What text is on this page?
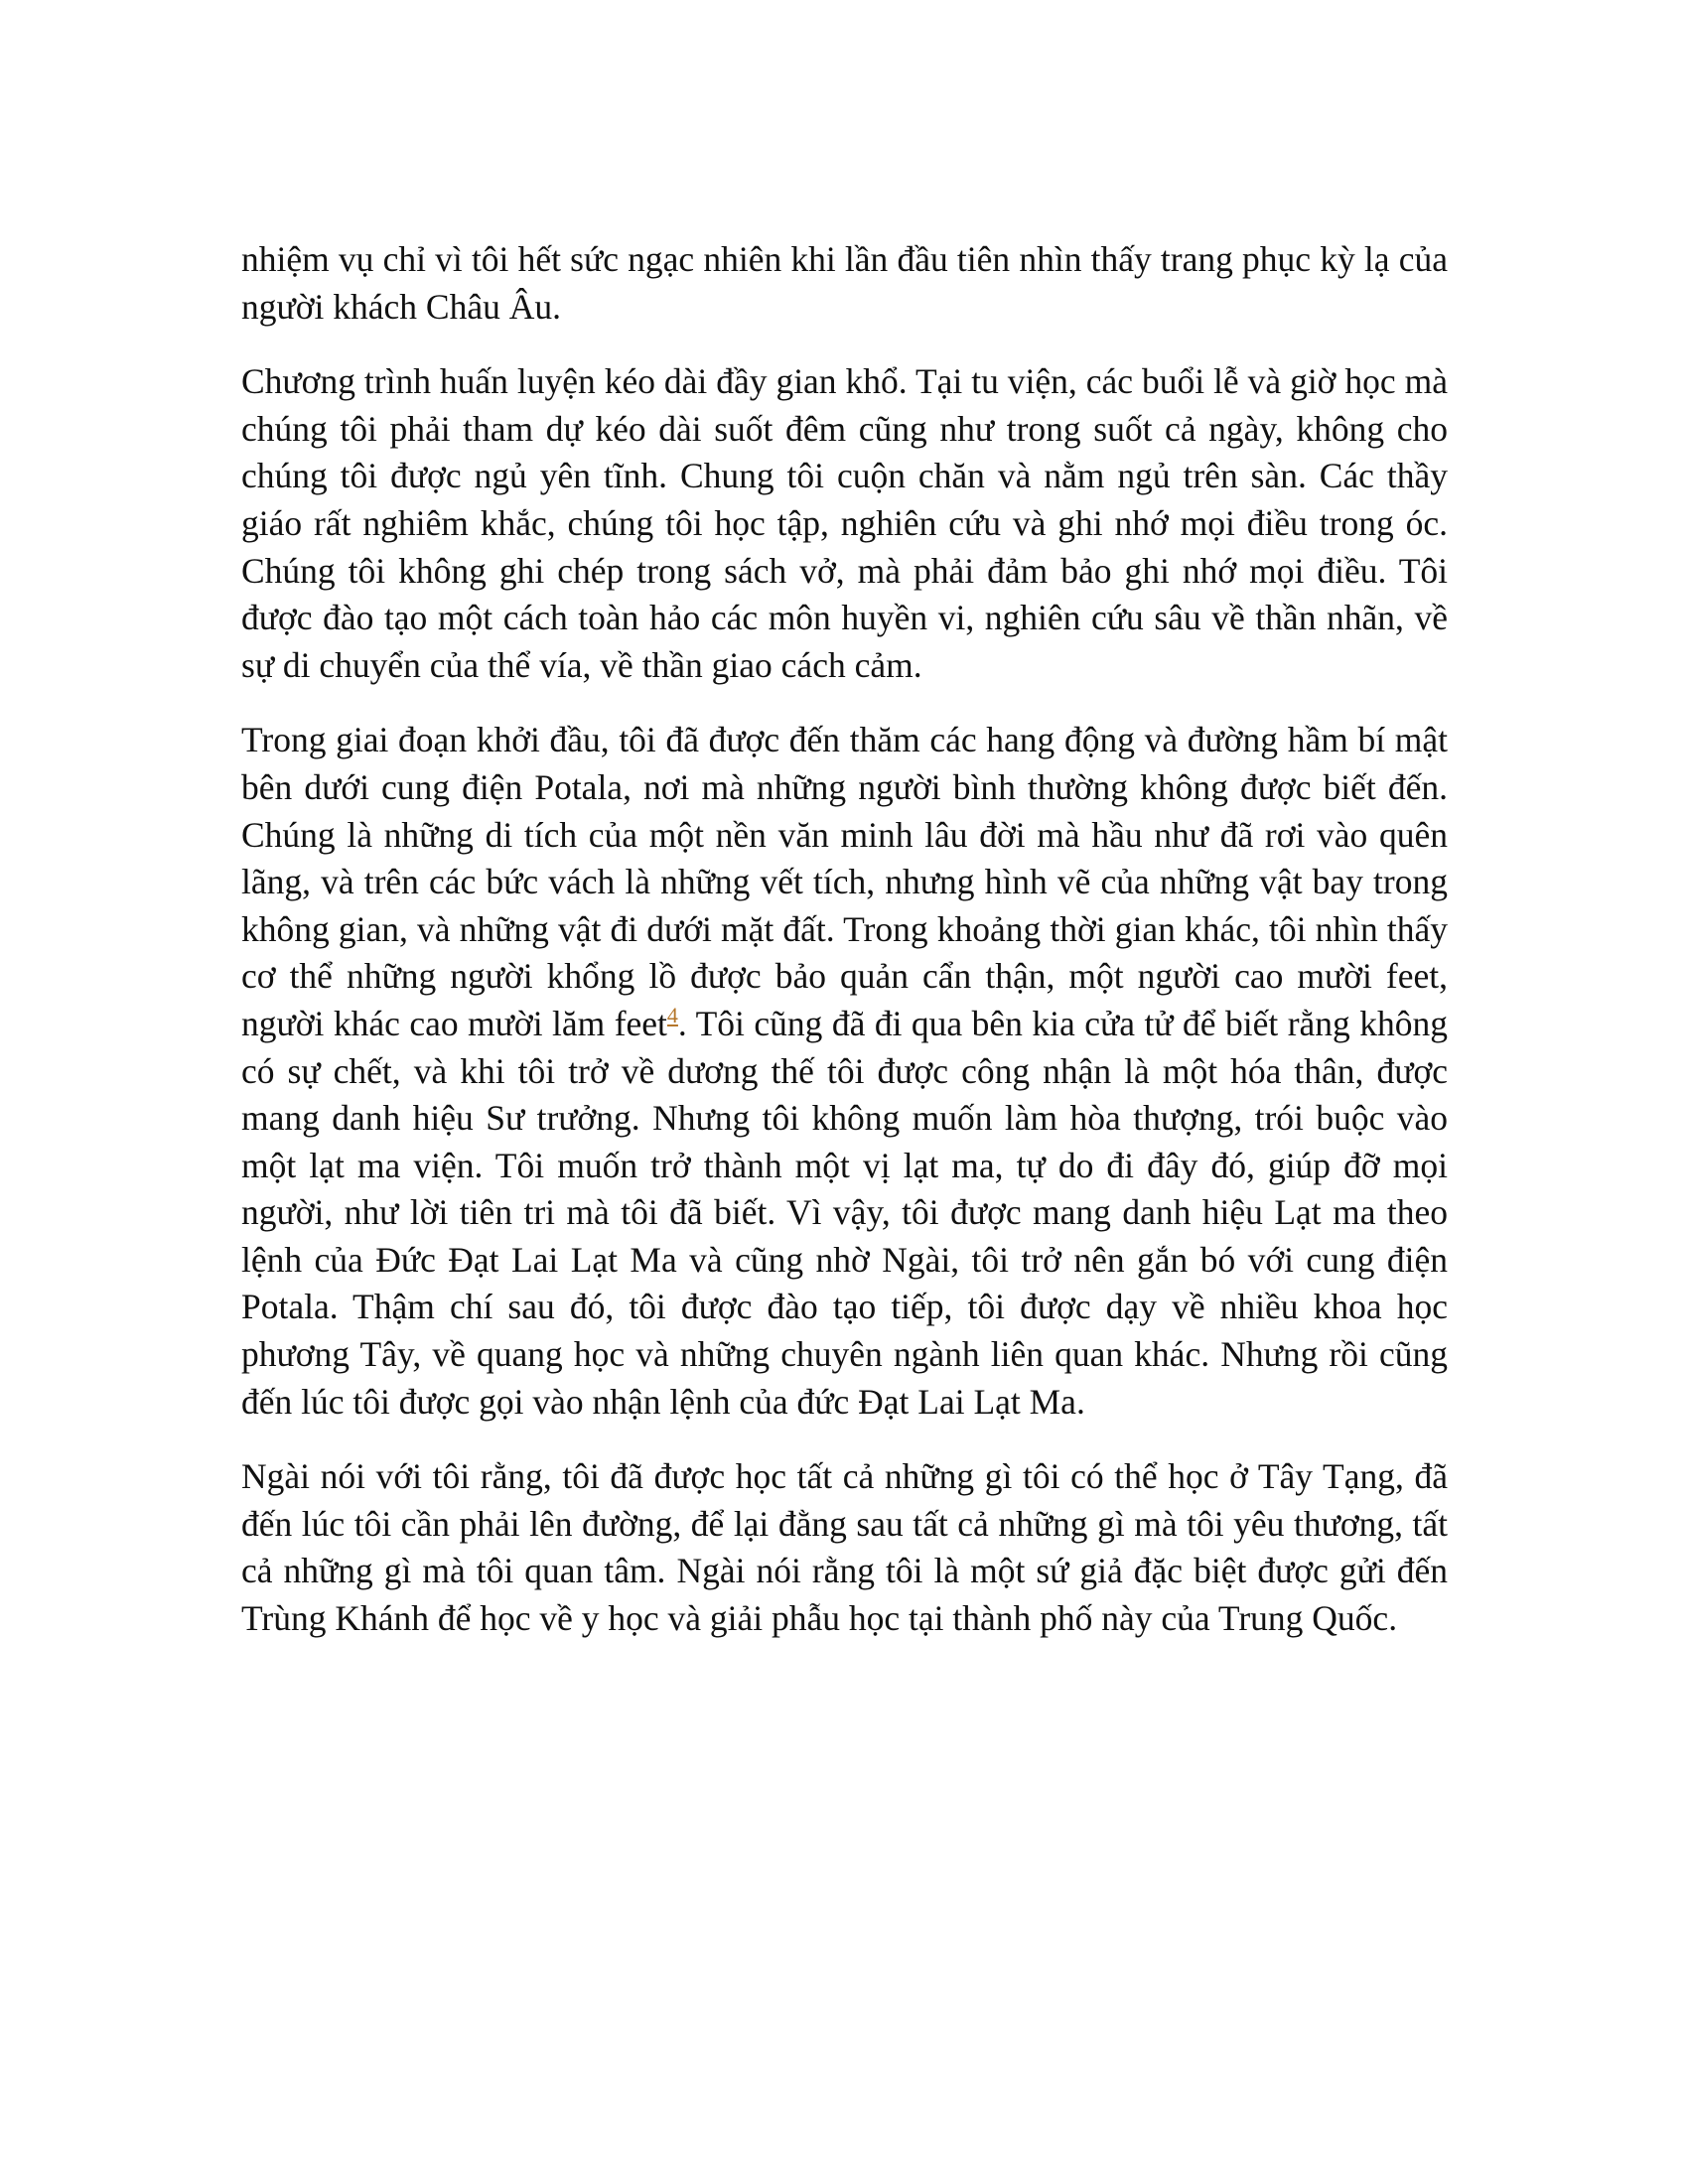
nhiệm vụ chỉ vì tôi hết sức ngạc nhiên khi lần đầu tiên nhìn thấy trang phục kỳ lạ của người khách Châu Âu.

Chương trình huấn luyện kéo dài đầy gian khổ. Tại tu viện, các buổi lễ và giờ học mà chúng tôi phải tham dự kéo dài suốt đêm cũng như trong suốt cả ngày, không cho chúng tôi được ngủ yên tĩnh. Chung tôi cuộn chăn và nằm ngủ trên sàn. Các thầy giáo rất nghiêm khắc, chúng tôi học tập, nghiên cứu và ghi nhớ mọi điều trong óc. Chúng tôi không ghi chép trong sách vở, mà phải đảm bảo ghi nhớ mọi điều. Tôi được đào tạo một cách toàn hảo các môn huyền vi, nghiên cứu sâu về thần nhãn, về sự di chuyển của thể vía, về thần giao cách cảm.

Trong giai đoạn khởi đầu, tôi đã được đến thăm các hang động và đường hầm bí mật bên dưới cung điện Potala, nơi mà những người bình thường không được biết đến. Chúng là những di tích của một nền văn minh lâu đời mà hầu như đã rơi vào quên lãng, và trên các bức vách là những vết tích, nhưng hình vẽ của những vật bay trong không gian, và những vật đi dưới mặt đất. Trong khoảng thời gian khác, tôi nhìn thấy cơ thể những người khổng lồ được bảo quản cẩn thận, một người cao mười feet, người khác cao mười lăm feet$^4$. Tôi cũng đã đi qua bên kia cửa tử để biết rằng không có sự chết, và khi tôi trở về dương thế tôi được công nhận là một hóa thân, được mang danh hiệu Sư trưởng. Nhưng tôi không muốn làm hòa thượng, trói buộc vào một lạt ma viện. Tôi muốn trở thành một vị lạt ma, tự do đi đây đó, giúp đỡ mọi người, như lời tiên tri mà tôi đã biết. Vì vậy, tôi được mang danh hiệu Lạt ma theo lệnh của Đức Đạt Lai Lạt Ma và cũng nhờ Ngài, tôi trở nên gắn bó với cung điện Potala. Thậm chí sau đó, tôi được đào tạo tiếp, tôi được dạy về nhiều khoa học phương Tây, về quang học và những chuyên ngành liên quan khác. Nhưng rồi cũng đến lúc tôi được gọi vào nhận lệnh của đức Đạt Lai Lạt Ma.

Ngài nói với tôi rằng, tôi đã được học tất cả những gì tôi có thể học ở Tây Tạng, đã đến lúc tôi cần phải lên đường, để lại đằng sau tất cả những gì mà tôi yêu thương, tất cả những gì mà tôi quan tâm. Ngài nói rằng tôi là một sứ giả đặc biệt được gửi đến Trùng Khánh để học về y học và giải phẫu học tại thành phố này của Trung Quốc.
